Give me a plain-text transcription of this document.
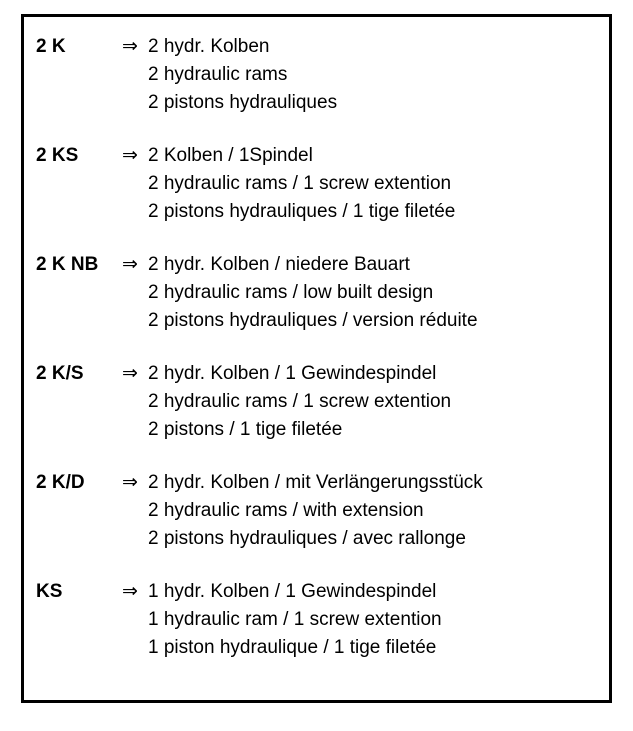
2 K	⇒ 2 hydr. Kolben
2 hydraulic rams
2 pistons hydrauliques
2 KS	⇒ 2 Kolben / 1Spindel
2 hydraulic rams / 1 screw extention
2 pistons hydrauliques / 1 tige filetée
2 K NB	⇒ 2 hydr. Kolben / niedere Bauart
2 hydraulic rams / low built design
2 pistons hydrauliques / version réduite
2 K/S	⇒ 2 hydr. Kolben / 1 Gewindespindel
2 hydraulic rams / 1 screw extention
2 pistons / 1 tige filetée
2 K/D	⇒ 2 hydr. Kolben / mit Verlängerungsstück
2 hydraulic rams / with extension
2 pistons hydrauliques / avec rallonge
KS	⇒ 1 hydr. Kolben / 1 Gewindespindel
1 hydraulic ram / 1 screw extention
1 piston hydraulique / 1 tige filetée
